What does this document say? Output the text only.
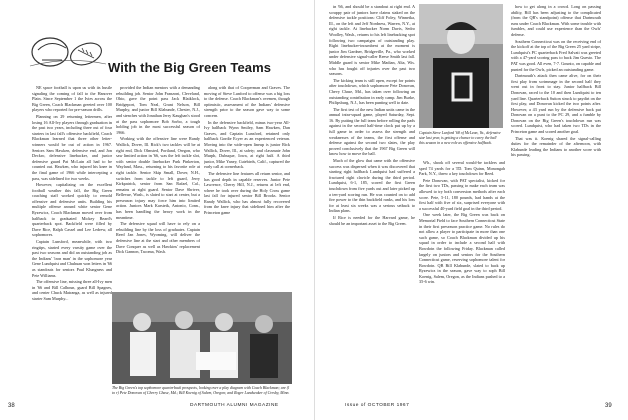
With the Big Green Teams

NE space football is upon us with its hustle signaling the coming of fall to the Hanover Plain. Since September 1 the Ivies across the Big Green, Coach Blackman greeted over 100 players who reported for pre-season drills.

Planning on 29 returning lettermen, after losing 16 All-Ivy players through graduation in the past two years, including three out of four starters in last fall's offensive backfield, Coach Blackman learned that three other letter-winners would be out of action in 1967. Seniors Sam Hawken, defensive end, and Jon Deckro, defensive linebacker, and junior defensive guard Pat McLain all had to be counted out. Hawken, who injured his knee in the final game of 1966 while intercepting a pass, was sidelined for two weeks.

However, capitalizing on the excellent football weather this fall, the Big Green coaching staff worked quickly to remold offensive and defensive units. Building his multiple offense around white senior Gene Ryzewicz, Coach Blackman moved over from halfback to graduated Mickey Beard's quarterback spot. Backfield were filled by Dave Rice, Ralph Cassel and Lee Ledrew, all sophomores.

Captain Lunsford, meanwhile, with two ringtips, started every varsity game over the past two seasons and did an outstanding job as the Indians' 'iron man' in the sophomore year Gene Lundquist and Chuhuan won letters in '66 as standouts for seniors Paul Klungness and Pete Williams.

The offensive line, missing three all-Ivy men in '66 and Bill Calhoun, guard Bill Spagnes, and center Chuck Matranga, as well as injured starter Sam Murphy...

provided the Indian mentors with a demanding rebuilding job. Senior John Franzoni, Cleveland, Ohio, gave the point pass Jack Blaiklock, Bridgeport, Tom Neal, Grant Nelson, Bill Murphy, and junior Bill Klabunde, Chester, N.J., and stenches with Jonathan Jerry Kaughan's stood at the pass sophomore Bob Sorbo, a tough holding job in the most successful season of 1966.

Working with the offensive line were Randy Wallick, Dover, Ill. Rick's two tackles will be at right end, Dick Olmsted, Portland, Oregon, who saw limited action in '66, was the left tackle slot, with senior double linebacker Park Pinkerton, Wayland, Mass., returning to his favorite role at right tackle. Senior Skip Small, Dover, N.H., switches from tackle to left guard, Jerry Kirkpatrick, senior from San Rafael, Cal., remains at right guard. Senior Dave Shriver, Bellevue, Wash., is slated to start at center, but a preseason injury may force him into limited action. Juniors Mark Karsteik, Antonio, Conn., has been handling the heavy work in the meantime.

The defensive squad will have to rely on a rebuilding line by the loss of graduates. Captain Reed Jan Jones, Wyoming, will deliver the defensive line at the start and other members of Dave Conquer as well as Hawkins' replacement Dick Gannon, Tacoma, Wash.

along with that of Cooperman and Graves. The moving of Steve Lunford to offense was a big loss to the defense. Coach Blackman's ovemen, though optimistic, assessment of the Indians' defensive strength prior to the season gave way to some concern.

In the defensive backfield, minus two-year All-Ivy halfback Wynn Smiley, Sam Hawken, Dan Graves, and Captain Lunsford, retained only halfback Gordie Ecyer as an experienced veteran. Moving into the wide-open lineup is junior Rick Wallick, Dover, Ill., at safety; and classmate John Murph, Dubuque, Iowa, at right half. A third junior, Mike Yaney, Cutebirds, Calif., captured the early call at cornerback.

The defensive line features all return senior, and has good depth in capable reserves. Junior Pete Lawrence, Cherry Hill, N.J., returns at left end, where he took over during the Holy Cross game last fall for injured senior Bill Brooks. Senior Randy Wallick, who has almost fully recovered from the knee injury that sidelined him after the Princeton game

The Big Green's top sophomore quarterback prospects, looking over a play diagram with Coach Blackman; are (l to r) Pete Donovan of Cherry Chase, Md.; Bill Koenig of Salem, Oregon; and Roger Landseaker of Cresby, Minn.
38	DARTMOUTH ALUMNI MAGAZINE

in '66, and should be a standout at right end. A scrappy pair of juniors have claims staked on the defensive tackle positions: Cliff Foley, Winnetka, Ill., on the left and Jeff Nordness, Warren, N.Y., at right tackle. At linebacker Norm Davis, Sedro Woolley, Wash., returns to his left linebacking spot following two campaigns of outstanding play. Right linebacker-incumbent at the moment is junior Jim Gardner, Bridgeville, Pa., who worked under defensive signal-caller Reese Smith last fall. Middle guard is senior Mike Madian, Alta, Wis. who has fought off injuries over the past two seasons.

The kicking team is still open, except for points after touchdown, which sophomore Pete Donovan, Chevy Chase, Md., has taken over following an outstanding contribution in early camp. Jim Burke, Philipsburg, N.J., has been punting well to date.

The first test of the new Indian units came in the annual intra-squad game, played Saturday, Sept. 16. By putting the full team before rolling the pads against in the second half-time clock put up by a full game in order to assess the strength and weaknesses of the teams, the first offense and defense against the second two slates, the play proved conclusively that the 1967 Big Green will know how to move the ball.

Much of the glow that came with the offensive success was dispersed when it was discovered that starting right halfback Lundquist had suffered a fractured right clavicle during the third period. Lundquist, 6-1, 185, scored the first Green touchdown from five yards out and later picked up a ten-yard scoring run. He was counted on to add fire power to the thin backfield ranks, and his loss for at least six weeks was a serious setback to Indian plans.

If Rice is needed for the Harvard game, he should be an important asset to the Big Green.

Captain Steve Lunford '68 of McLean, Va., defensive star last year, is getting a chance to carry the ball this season in a new role as offensive halfback.

Wh., shook off several would-be tacklers and sped 74 yards for a TD. Tom Quinn, Monongah Park, N.Y., threw a key touchdown for Reed.

Pete Donovan, with PAT specialist, kicked for the first two TDs, passing to make each team was allowed to try both conversion methods after each score. Pete, 5-11, 180 pounds, had hands at the first half with five of six, surprised everyone with a successful 40-yard field goal in the third period.

One week later, the Big Green was back on Memorial Field to face Southern Connecticut State in their first preseason practice game. No rules do not allow a player to participate in more than one such game, so Coach Blackman divided up his squad in order to include a second half with Bowdoin the following Friday. Blackman called largely on juniors and seniors for the Southern Connecticut game, reserving sophomore talent for Bowdoin. QB Bill Klabunde, slated to back up Ryzewicz in the season, gave way to soph Bill Koenig, Salem, Oregon, as the Indians pushed to a 35-6 win.

how to get along in a crowd. Long on passing ability, Bill has been adjusting to the complicated (from the QB's standpoint) offense that Dartmouth runs under Coach Blackman. With some trouble with fumbles, and could use experience than the Owls' defense.

Southern Connecticut was on the receiving end of the kickoff at the top of the Big Green 25 yard stripe, Lundquist's PC quarterback Fred Salvati was greeted with a 47-yard scoring pass to back Jim Guesto. The PAT was good. All even, 7-7. Gounto, on capable and punted for the Owls, picked an outstanding game.

Dartmouth's attack then came alive, for on their first play from scrimmage in the second half they went out in front to stay. Junior halfback Bill Donovan, raced to the 10 and then Lundquist to ten yard line. Quarterback Sutton struck to paydirt on the first play, and Donovan kicked the two points after. However, a 43 yard run by the defensive back put Donovan on a punt to the PC 29, and a fumble by Donovan on the Big Green's touchdown run was scored. Lundquist, who had taken two TDs in the Princeton game and scored another goal.

That was it. Koenig shared the signal-calling duties for the remainder of the afternoon, with Klabunde leading the Indians to another score with his passing.

Issue of OCTOBER 1967	39
